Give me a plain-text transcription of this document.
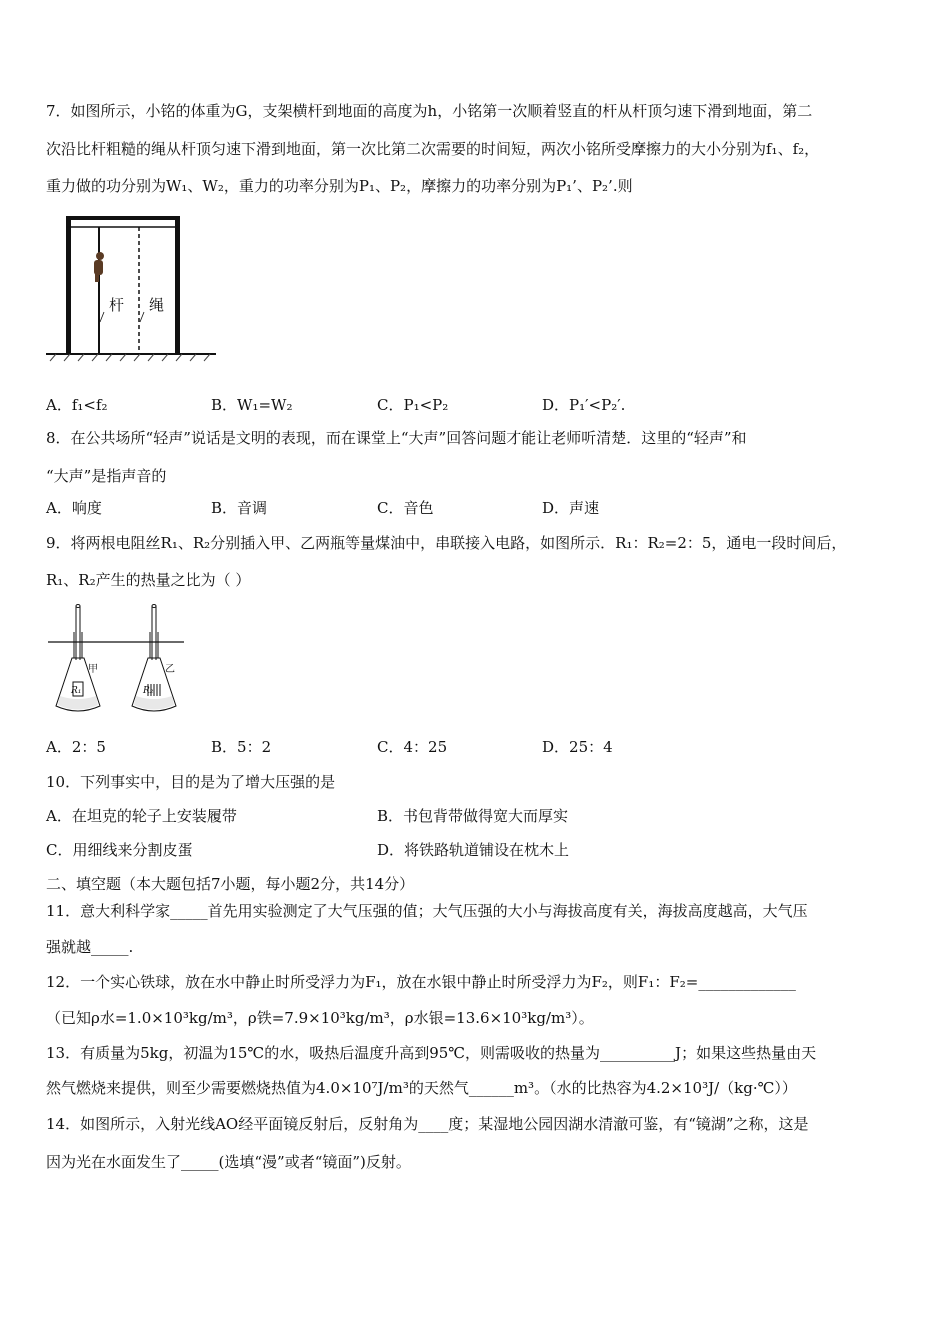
7．如图所示，小铭的体重为G，支架横杆到地面的高度为h，小铭第一次顺着竖直的杆从杆顶匀速下滑到地面，第二
次沿比杆粗糙的绳从杆顶匀速下滑到地面，第一次比第二次需要的时间短，两次小铭所受摩擦力的大小分别为f₁、f₂，
重力做的功分别为W₁、W₂，重力的功率分别为P₁、P₂，摩擦力的功率分别为P₁’、P₂’.则
杆 绳
A．f₁<f₂	B．W₁=W₂	C．P₁<P₂	D．P₁′<P₂′.
8．在公共场所“轻声”说话是文明的表现，而在课堂上“大声”回答问题才能让老师听清楚．这里的“轻声”和
“大声”是指声音的
A．响度	B．音调	C．音色	D．声速
9．将两根电阻丝R₁、R₂分别插入甲、乙两瓶等量煤油中，串联接入电路，如图所示．R₁：R₂=2：5，通电一段时间后，
R₁、R₂产生的热量之比为（ ）
甲
R₁
乙
R₂
A．2：5	B．5：2	C．4：25	D．25：4
10．下列事实中，目的是为了增大压强的是
A．在坦克的轮子上安装履带	B．书包背带做得宽大而厚实
C．用细线来分割皮蛋	D．将铁路轨道铺设在枕木上
二、填空题（本大题包括7小题，每小题2分，共14分）
11．意大利科学家_____首先用实验测定了大气压强的值；大气压强的大小与海拔高度有关，海拔高度越高，大气压
强就越_____.
12．一个实心铁球，放在水中静止时所受浮力为F₁，放在水银中静止时所受浮力为F₂，则F₁：F₂=_____________
（已知ρ水=1.0×10³kg/m³，ρ铁=7.9×10³kg/m³，ρ水银=13.6×10³kg/m³）。
13．有质量为5kg，初温为15℃的水，吸热后温度升高到95℃，则需吸收的热量为__________J；如果这些热量由天
然气燃烧来提供，则至少需要燃烧热值为4.0×10⁷J/m³的天然气______m³。（水的比热容为4.2×10³J/（kg·℃））
14．如图所示，入射光线AO经平面镜反射后，反射角为____度；某湿地公园因湖水清澈可鉴，有“镜湖”之称，这是
因为光在水面发生了_____(选填“漫”或者“镜面”)反射。
